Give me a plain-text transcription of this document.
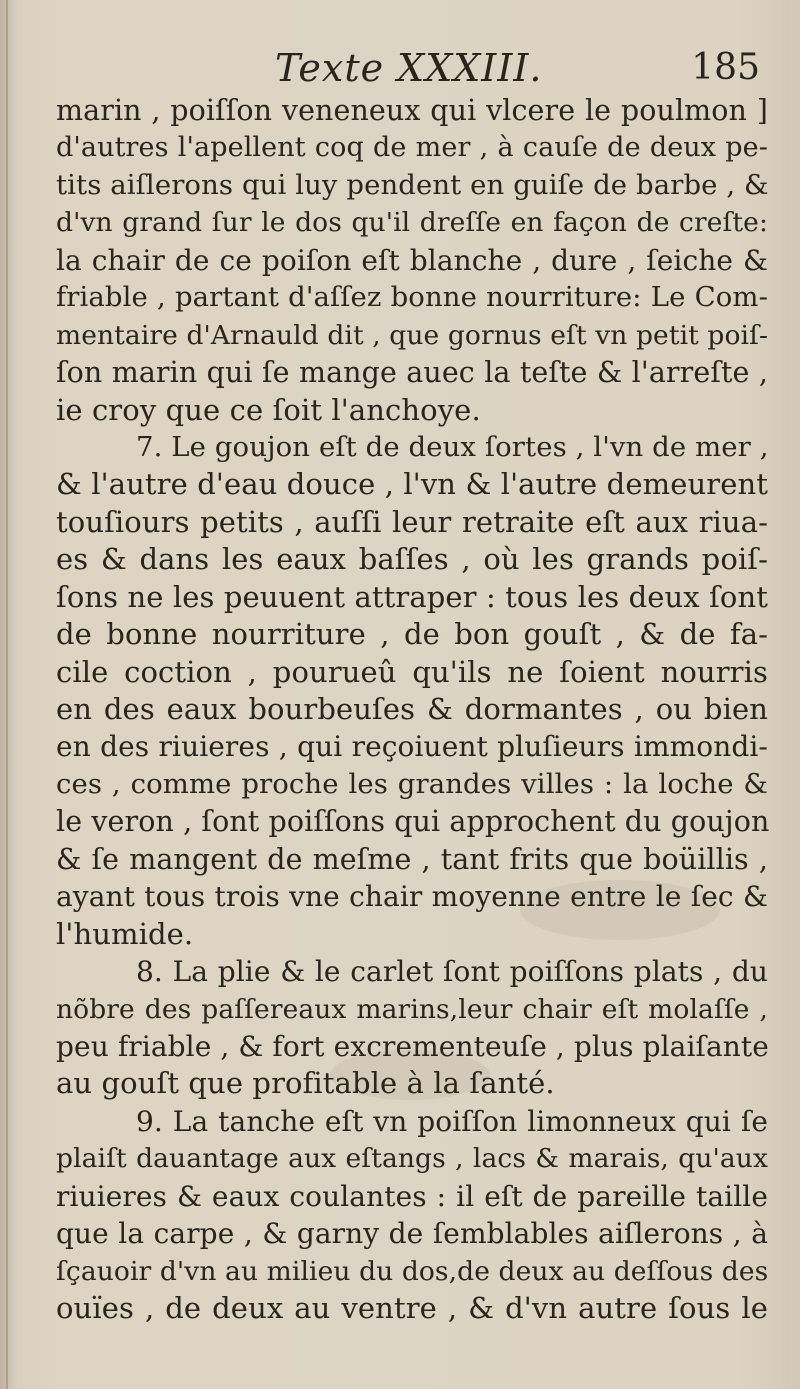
Texte XXXIII.	185
marin , poiſſon veneneux qui vlcere le poulmon ]
d'autres l'apellent coq de mer , à cauſe de deux pe-
tits aiſlerons qui luy pendent en guiſe de barbe , &
d'vn grand ſur le dos qu'il dreſſe en façon de creſte:
la chair de ce poiſon eſt blanche , dure , ſeiche &
friable , partant d'aſſez bonne nourriture: Le Com-
mentaire d'Arnauld dit , que gornus eſt vn petit poiſ-
ſon marin qui ſe mange auec la teſte & l'arreſte ,
ie croy que ce ſoit l'anchoye.
7. Le goujon eſt de deux ſortes , l'vn de mer ,
& l'autre d'eau douce , l'vn & l'autre demeurent
touſiours petits , auſſi leur retraite eſt aux riua-
es & dans les eaux baſſes , où les grands poiſ-
ſons ne les peuuent attraper : tous les deux ſont
de bonne nourriture , de bon gouſt , & de fa-
cile coction , pourueû qu'ils ne ſoient nourris
en des eaux bourbeuſes & dormantes , ou bien
en des riuieres , qui reçoiuent pluſieurs immondi-
ces , comme proche les grandes villes : la loche &
le veron , ſont poiſſons qui approchent du goujon
& ſe mangent de meſme , tant frits que boüillis ,
ayant tous trois vne chair moyenne entre le ſec &
l'humide.
8. La plie & le carlet ſont poiſſons plats , du
nõbre des paſſereaux marins,leur chair eſt molaſſe ,
peu friable , & fort excrementeuſe , plus plaiſante
au gouſt que profitable à la ſanté.
9. La tanche eſt vn poiſſon limonneux qui ſe
plaiſt dauantage aux eſtangs , lacs & marais, qu'aux
riuieres & eaux coulantes : il eſt de pareille taille
que la carpe , & garny de ſemblables aiſlerons , à
ſçauoir d'vn au milieu du dos,de deux au deſſous des
ouïes , de deux au ventre , & d'vn autre ſous le
